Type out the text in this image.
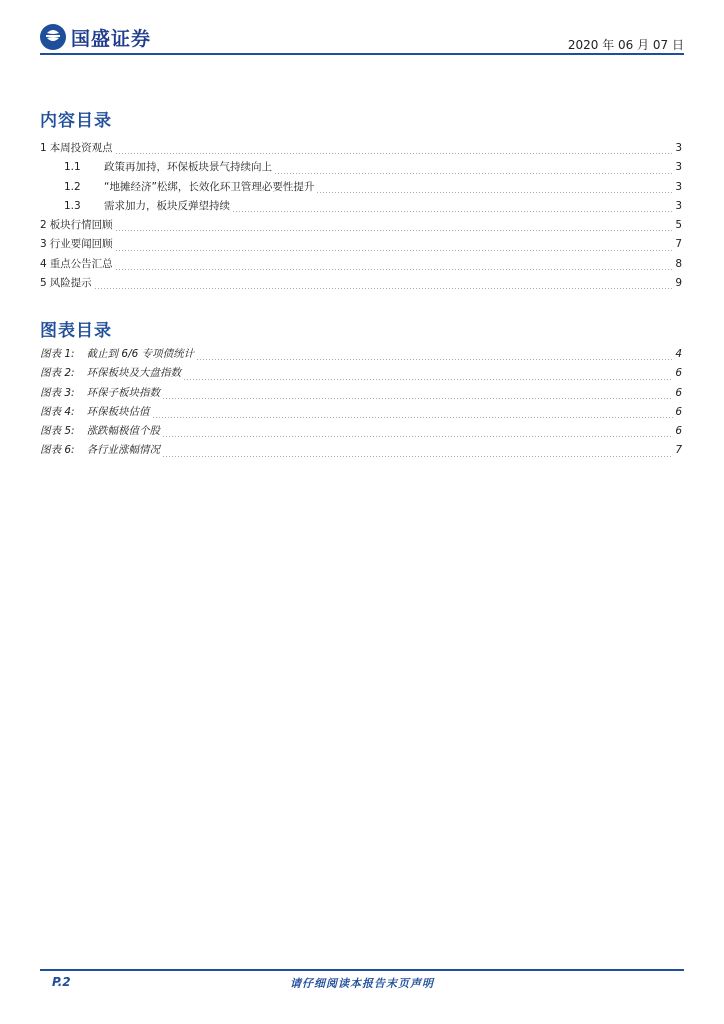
国盛证券	2020 年 06 月 07 日
内容目录
1 本周投资观点	3
1.1	政策再加持，环保板块景气持续向上	3
1.2	“地摊经济”松绑，长效化环卫管理必要性提升	3
1.3	需求加力，板块反弹望持续	3
2 板块行情回顾	5
3 行业要闻回顾	7
4 重点公告汇总	8
5 风险提示	9
图表目录
图表 1: 截止到 6/6 专项债统计	4
图表 2: 环保板块及大盘指数	6
图表 3: 环保子板块指数	6
图表 4: 环保板块估值	6
图表 5: 涨跌幅极值个股	6
图表 6: 各行业涨幅情况	7
P.2	请仔细阅读本报告末页声明
